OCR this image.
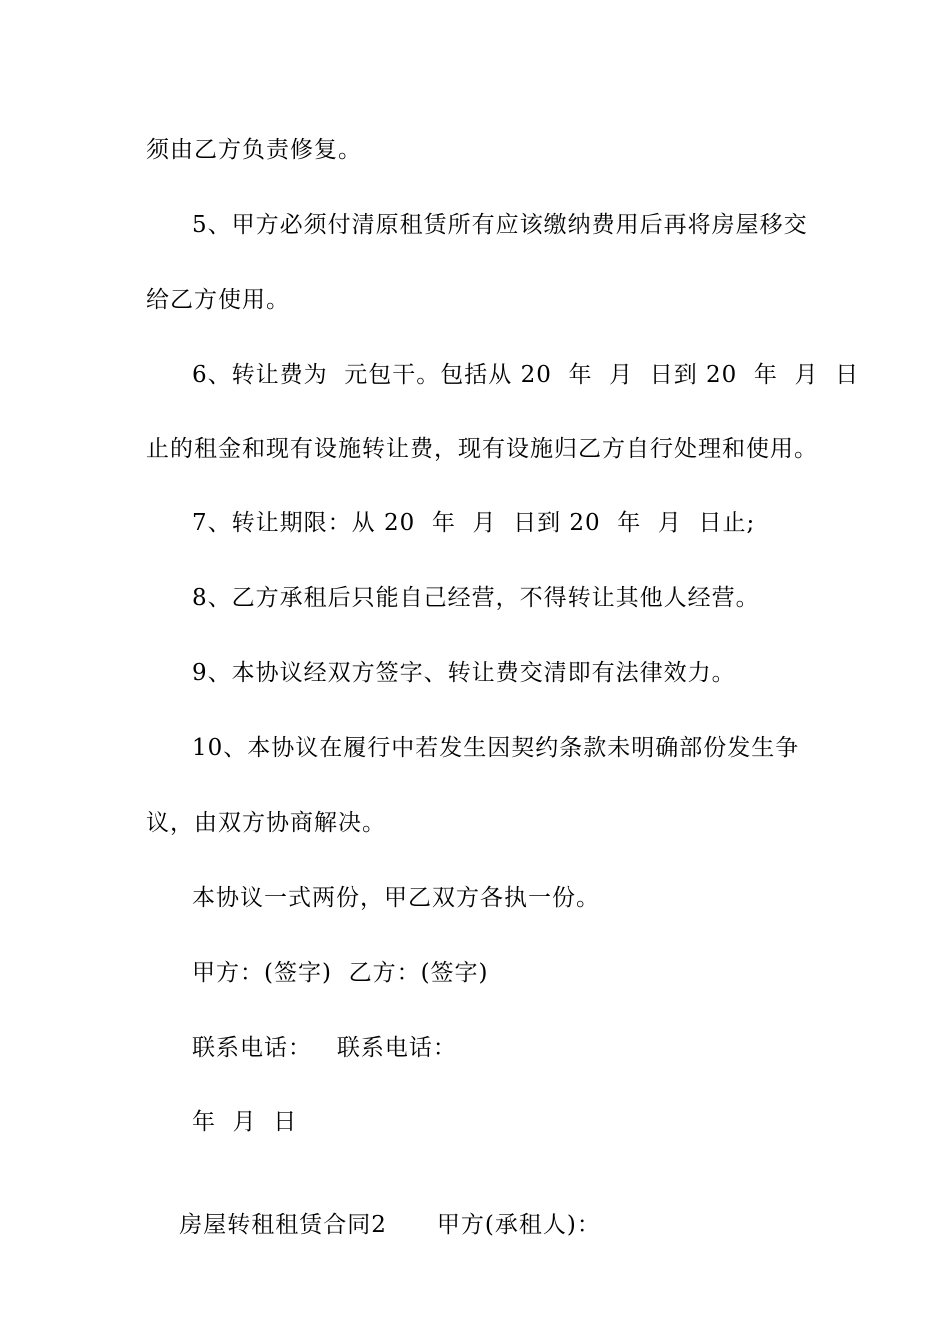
须由乙方负责修复。
5、甲方必须付清原租赁所有应该缴纳费用后再将房屋移交
给乙方使用。
6、转让费为  元包干。包括从 20  年  月  日到 20  年  月  日
止的租金和现有设施转让费，现有设施归乙方自行处理和使用。
7、转让期限：从 20  年  月  日到 20  年  月  日止;
8、乙方承租后只能自己经营，不得转让其他人经营。
9、本协议经双方签字、转让费交清即有法律效力。
10、本协议在履行中若发生因契约条款未明确部份发生争
议，由双方协商解决。
本协议一式两份，甲乙双方各执一份。
甲方：(签字)  乙方：(签字)
联系电话：   联系电话：
年  月  日

房屋转租租赁合同2 甲方(承租人)：
